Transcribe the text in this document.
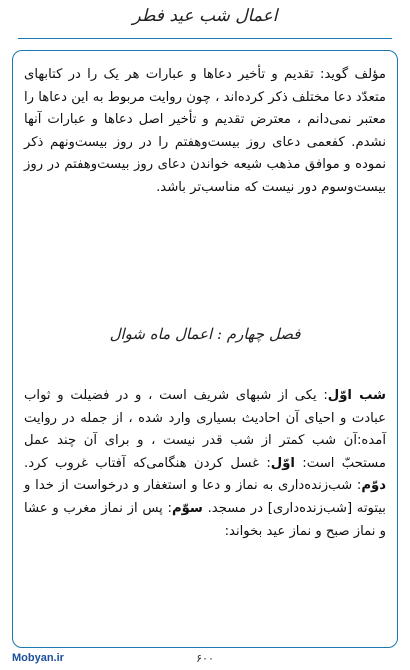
اعمال شب عید فطر
مؤلف گوید: تقدیم و تأخیر دعاها و عبارات هر یک را در کتابهای متعدّد دعا مختلف ذکر کرده‌اند ، چون روایت مربوط به این دعاها را معتبر نمی‌دانم ، معترض تقدیم و تأخیر اصل دعاها و عبارات آنها نشدم. کفعمی دعای روز بیست‌وهفتم را در روز بیست‌ونهم ذکر نموده و موافق مذهب شیعه خواندن دعای روز بیست‌وهفتم در روز بیست‌وسوم دور نیست که مناسب‌تر باشد.
فصل چهارم : اعمال ماه شوال
شب اوّل: یکی از شبهای شریف است ، و در فضیلت و ثواب عبادت و احیای آن احادیث بسیاری وارد شده ، از جمله در روایت آمده:آن شب کمتر از شب قدر نیست ، و برای آن چند عمل مستحبّ است: اوّل: غسل کردن هنگامی‌که آفتاب غروب کرد. دوّم: شب‌زنده‌داری به نماز و دعا و استغفار و درخواست از خدا و بیتوته [شب‌زنده‌داری] در مسجد. سوّم: پس از نماز مغرب و عشا و نماز صبح و نماز عید بخواند:
Mobyan.ir	۶۰۰
